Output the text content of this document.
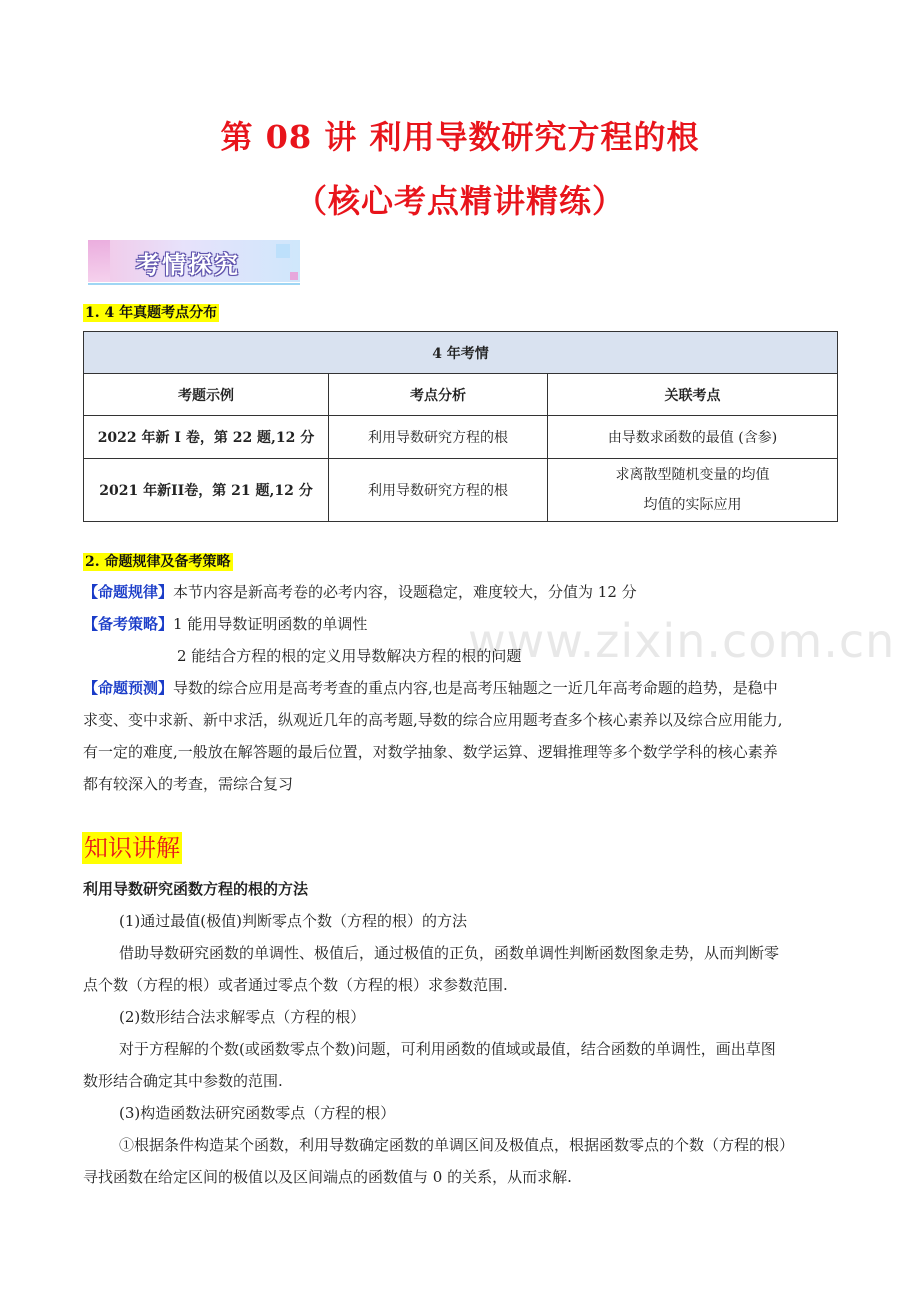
第 08 讲 利用导数研究方程的根
（核心考点精讲精练）
考情探究
1. 4 年真题考点分布
4 年考情		
考题示例	考点分析	关联考点
2022 年新 I 卷，第 22 题,12 分	利用导数研究方程的根	由导数求函数的最值 (含参)
2021 年新II卷，第 21 题,12 分	利用导数研究方程的根	求离散型随机变量的均值
均值的实际应用
www.zixin.com.cn
2. 命题规律及备考策略
【命题规律】本节内容是新高考卷的必考内容，设题稳定，难度较大，分值为 12 分
【备考策略】1 能用导数证明函数的单调性
2 能结合方程的根的定义用导数解决方程的根的问题
【命题预测】导数的综合应用是高考考查的重点内容,也是高考压轴题之一近几年高考命题的趋势，是稳中
求变、变中求新、新中求活，纵观近几年的高考题,导数的综合应用题考查多个核心素养以及综合应用能力,
有一定的难度,一般放在解答题的最后位置，对数学抽象、数学运算、逻辑推理等多个数学学科的核心素养
都有较深入的考查，需综合复习
知识讲解
利用导数研究函数方程的根的方法
(1)通过最值(极值)判断零点个数（方程的根）的方法
借助导数研究函数的单调性、极值后，通过极值的正负，函数单调性判断函数图象走势，从而判断零
点个数（方程的根）或者通过零点个数（方程的根）求参数范围.
(2)数形结合法求解零点（方程的根）
对于方程解的个数(或函数零点个数)问题，可利用函数的值域或最值，结合函数的单调性，画出草图
数形结合确定其中参数的范围.
(3)构造函数法研究函数零点（方程的根）
①根据条件构造某个函数，利用导数确定函数的单调区间及极值点，根据函数零点的个数（方程的根）
寻找函数在给定区间的极值以及区间端点的函数值与 0 的关系，从而求解.
